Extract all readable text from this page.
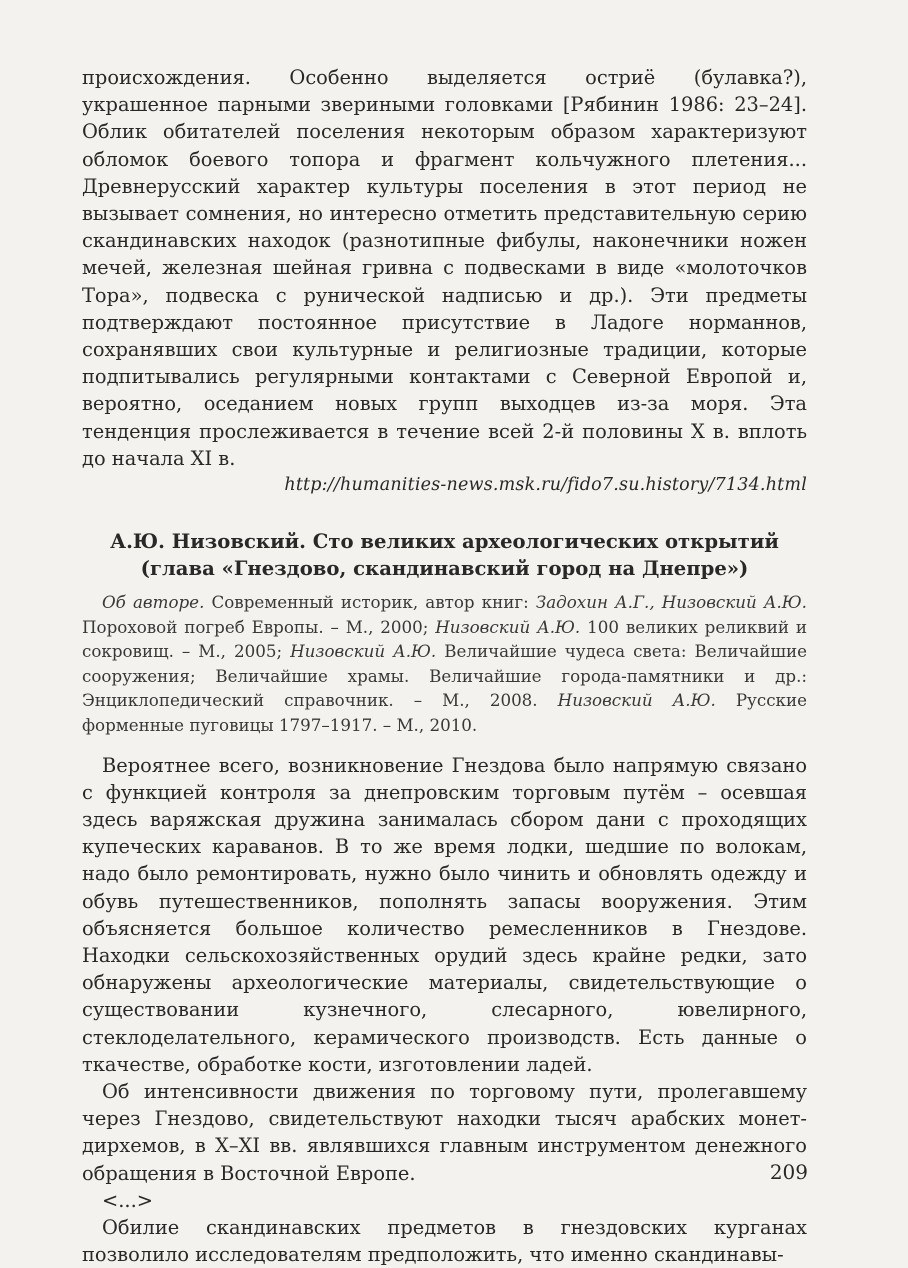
происхождения. Особенно выделяется остриё (булавка?), украшенное парными звериными головками [Рябинин 1986: 23–24]. Облик обитателей поселения некоторым образом характеризуют обломок боевого топора и фрагмент кольчужного плетения... Древнерусский характер культуры поселения в этот период не вызывает сомнения, но интересно отметить представительную серию скандинавских находок (разнотипные фибулы, наконечники ножен мечей, железная шейная гривна с подвесками в виде «молоточков Тора», подвеска с рунической надписью и др.). Эти предметы подтверждают постоянное присутствие в Ладоге норманнов, сохранявших свои культурные и религиозные традиции, которые подпитывались регулярными контактами с Северной Европой и, вероятно, оседанием новых групп выходцев из-за моря. Эта тенденция прослеживается в течение всей 2-й половины X в. вплоть до начала XI в.

http://humanities-news.msk.ru/fido7.su.history/7134.html

А.Ю. Низовский. Сто великих археологических открытий
(глава «Гнездово, скандинавский город на Днепре»)

Об авторе. Современный историк, автор книг: Задохин А.Г., Низовский А.Ю. Пороховой погреб Европы. – М., 2000; Низовский А.Ю. 100 великих реликвий и сокровищ. – М., 2005; Низовский А.Ю. Величайшие чудеса света: Величайшие сооружения; Величайшие храмы. Величайшие города-памятники и др.: Энциклопедический справочник. – М., 2008. Низовский А.Ю. Русские форменные пуговицы 1797–1917. – М., 2010.

Вероятнее всего, возникновение Гнездова было напрямую связано с функцией контроля за днепровским торговым путём – осевшая здесь варяжская дружина занималась сбором дани с проходящих купеческих караванов. В то же время лодки, шедшие по волокам, надо было ремонтировать, нужно было чинить и обновлять одежду и обувь путешественников, пополнять запасы вооружения. Этим объясняется большое количество ремесленников в Гнездове. Находки сельскохозяйственных орудий здесь крайне редки, зато обнаружены археологические материалы, свидетельствующие о существовании кузнечного, слесарного, ювелирного, стеклоделательного, керамического производств. Есть данные о ткачестве, обработке кости, изготовлении ладей.

Об интенсивности движения по торговому пути, пролегавшему через Гнездово, свидетельствуют находки тысяч арабских монет-дирхемов, в X–XI вв. являвшихся главным инструментом денежного обращения в Восточной Европе.

<...>

Обилие скандинавских предметов в гнездовских курганах позволило исследователям предположить, что именно скандинавы-

209
